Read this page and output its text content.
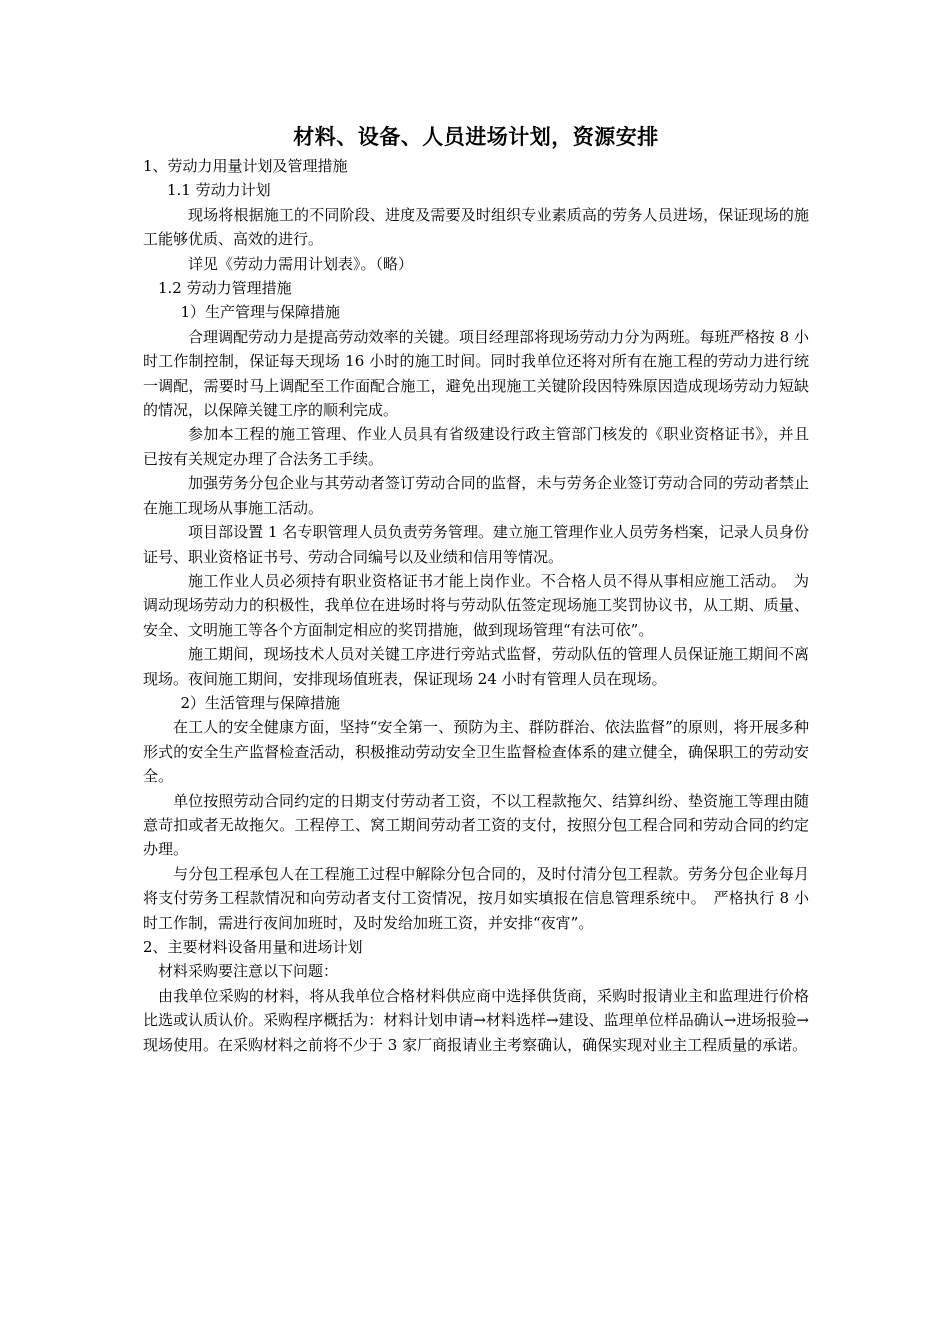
材料、设备、人员进场计划，资源安排

1、劳动力用量计划及管理措施

1.1 劳动力计划

现场将根据施工的不同阶段、进度及需要及时组织专业素质高的劳务人员进场，保证现场的施工能够优质、高效的进行。

详见《劳动力需用计划表》。（略）

1.2 劳动力管理措施

1）生产管理与保障措施

合理调配劳动力是提高劳动效率的关键。项目经理部将现场劳动力分为两班。每班严格按 8 小时工作制控制，保证每天现场 16 小时的施工时间。同时我单位还将对所有在施工程的劳动力进行统一调配，需要时马上调配至工作面配合施工，避免出现施工关键阶段因特殊原因造成现场劳动力短缺的情况，以保障关键工序的顺利完成。

参加本工程的施工管理、作业人员具有省级建设行政主管部门核发的《职业资格证书》，并且已按有关规定办理了合法务工手续。

加强劳务分包企业与其劳动者签订劳动合同的监督，未与劳务企业签订劳动合同的劳动者禁止在施工现场从事施工活动。

项目部设置 1 名专职管理人员负责劳务管理。建立施工管理作业人员劳务档案，记录人员身份证号、职业资格证书号、劳动合同编号以及业绩和信用等情况。

施工作业人员必须持有职业资格证书才能上岗作业。不合格人员不得从事相应施工活动。　为调动现场劳动力的积极性，我单位在进场时将与劳动队伍签定现场施工奖罚协议书，从工期、质量、安全、文明施工等各个方面制定相应的奖罚措施，做到现场管理“有法可依”。

施工期间，现场技术人员对关键工序进行旁站式监督，劳动队伍的管理人员保证施工期间不离现场。夜间施工期间，安排现场值班表，保证现场 24 小时有管理人员在现场。

2）生活管理与保障措施

在工人的安全健康方面，坚持“安全第一、预防为主、群防群治、依法监督”的原则，将开展多种形式的安全生产监督检查活动，积极推动劳动安全卫生监督检查体系的建立健全，确保职工的劳动安全。

单位按照劳动合同约定的日期支付劳动者工资，不以工程款拖欠、结算纠纷、垫资施工等理由随意苛扣或者无故拖欠。工程停工、窝工期间劳动者工资的支付，按照分包工程合同和劳动合同的约定办理。

与分包工程承包人在工程施工过程中解除分包合同的，及时付清分包工程款。劳务分包企业每月将支付劳务工程款情况和向劳动者支付工资情况，按月如实填报在信息管理系统中。　严格执行 8 小时工作制，需进行夜间加班时，及时发给加班工资，并安排“夜宵”。

2、主要材料设备用量和进场计划

材料采购要注意以下问题：

由我单位采购的材料，将从我单位合格材料供应商中选择供货商，采购时报请业主和监理进行价格比选或认质认价。采购程序概括为：材料计划申请→材料选样→建设、监理单位样品确认→进场报验→现场使用。在采购材料之前将不少于 3 家厂商报请业主考察确认，确保实现对业主工程质量的承诺。
